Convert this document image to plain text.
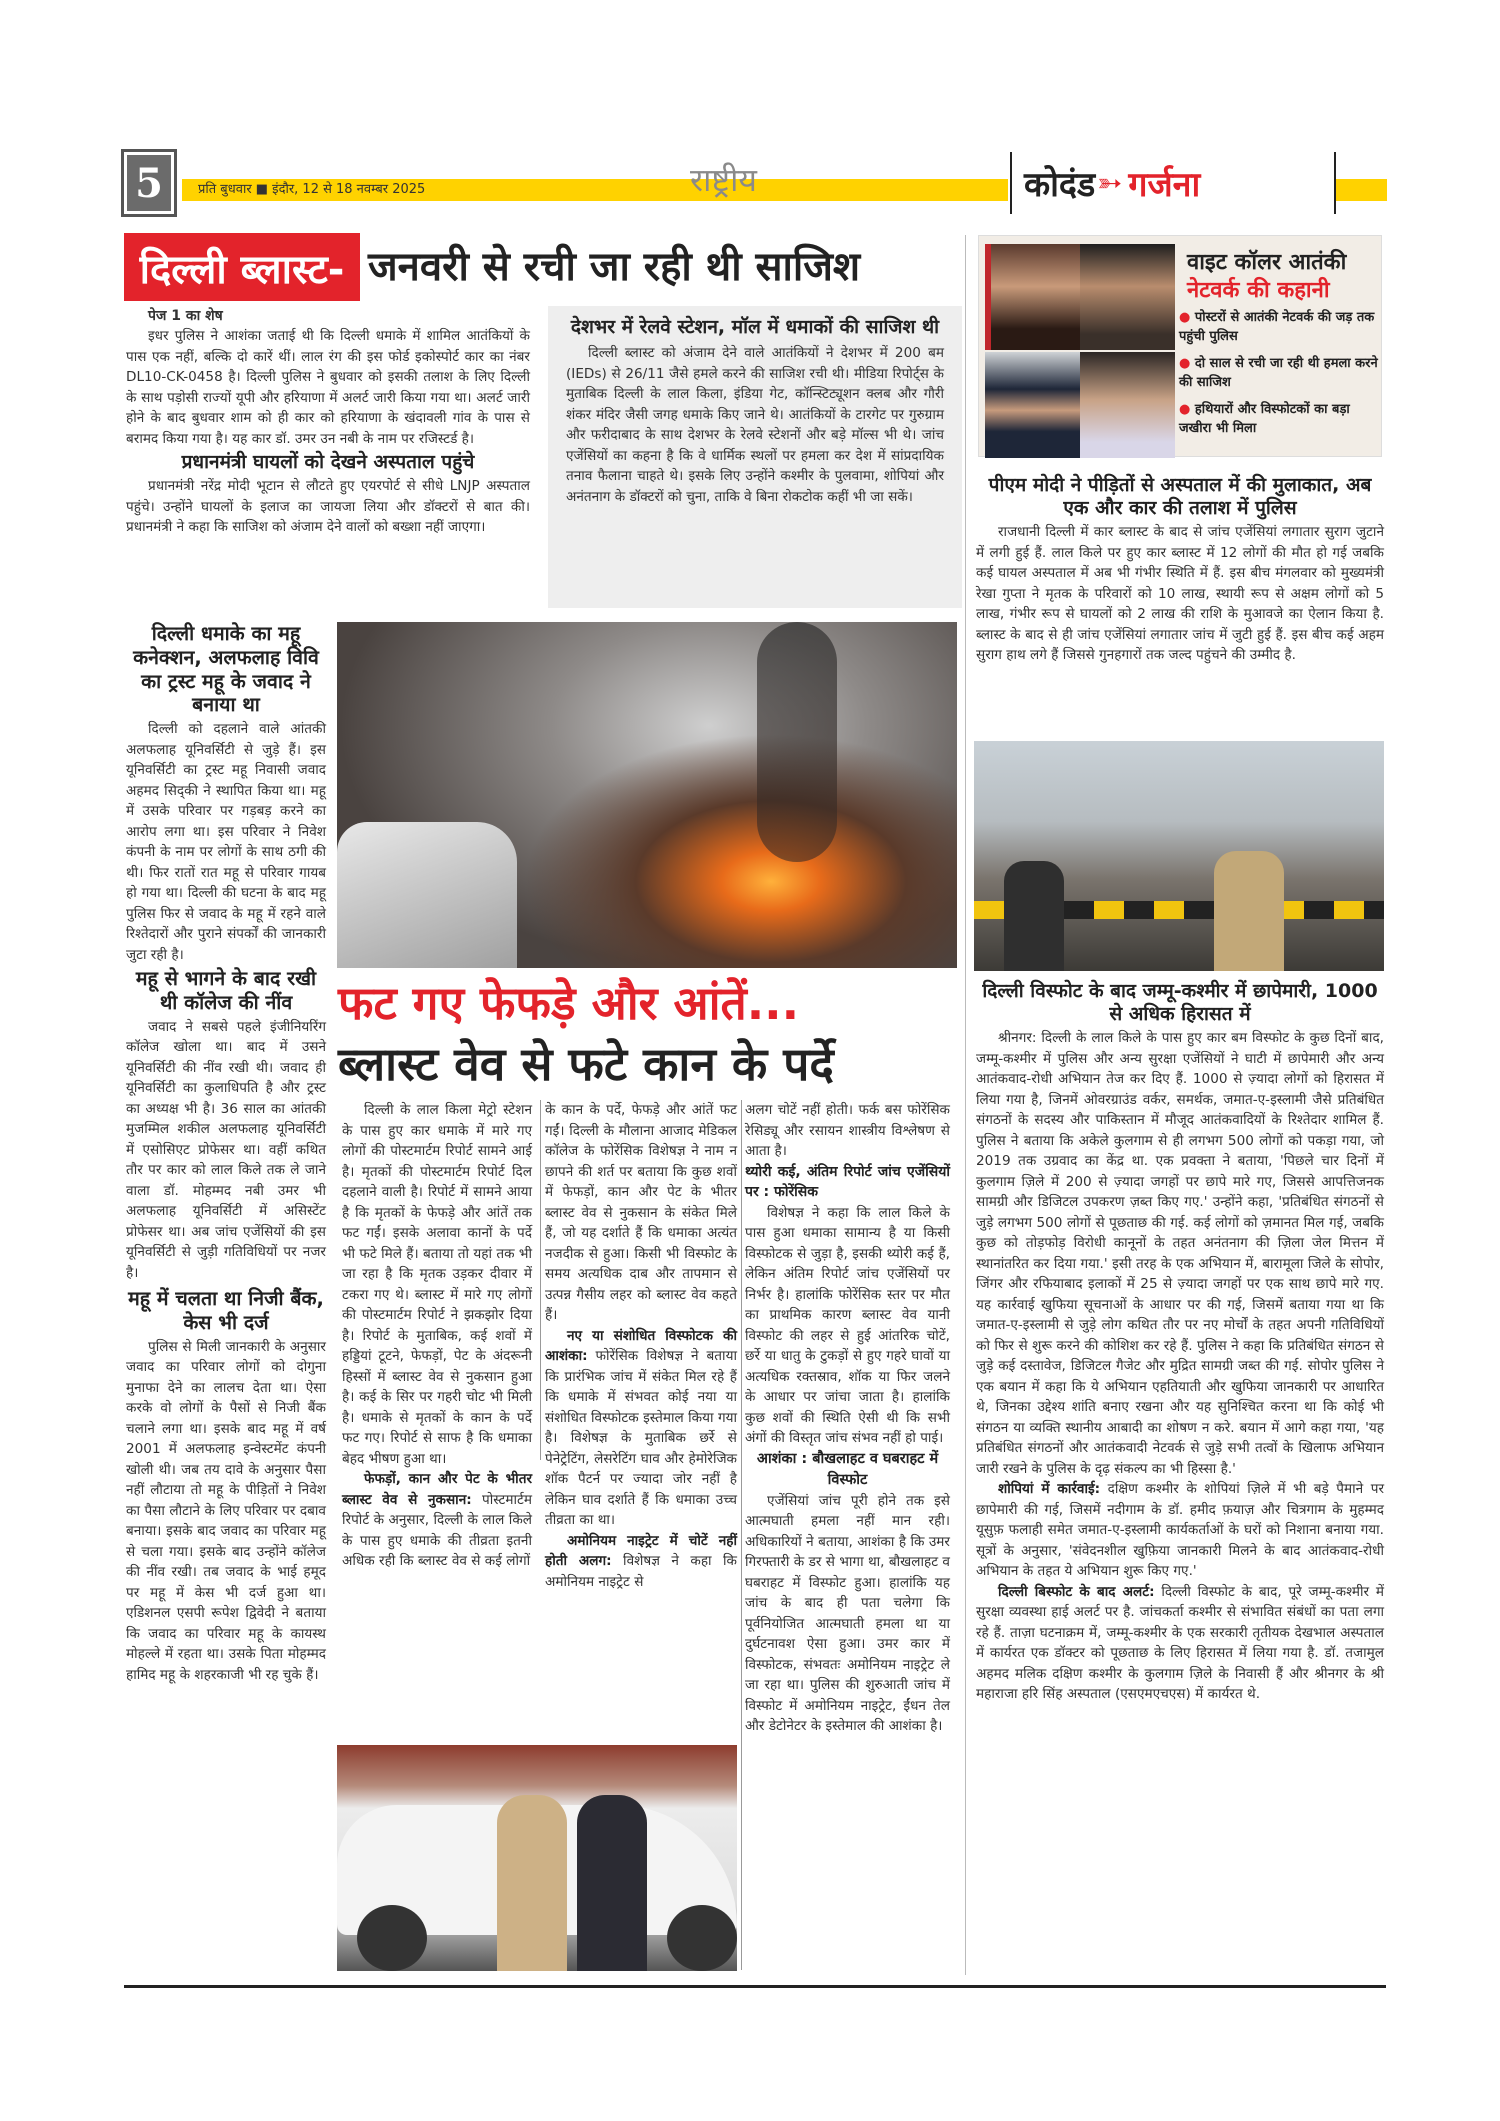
5	प्रति बुधवार ■ इंदौर, 12 से 18 नवम्बर 2025	राष्ट्रीय	कोदंड ➳ गर्जना
दिल्ली ब्लास्ट- जनवरी से रची जा रही थी साजिश
पेज 1 का शेष

इधर पुलिस ने आशंका जताई थी कि दिल्ली धमाके में शामिल आतंकियों के पास एक नहीं, बल्कि दो कारें थीं। लाल रंग की इस फोर्ड इकोस्पोर्ट कार का नंबर DL10-CK-0458 है। दिल्ली पुलिस ने बुधवार को इसकी तलाश के लिए दिल्ली के साथ पड़ोसी राज्यों यूपी और हरियाणा में अलर्ट जारी किया गया था। अलर्ट जारी होने के बाद बुधवार शाम को ही कार को हरियाणा के खंदावली गांव के पास से बरामद किया गया है। यह कार डॉ. उमर उन नबी के नाम पर रजिस्टर्ड है।

प्रधानमंत्री घायलों को देखने अस्पताल पहुंचे

प्रधानमंत्री नरेंद्र मोदी भूटान से लौटते हुए एयरपोर्ट से सीधे LNJP अस्पताल पहुंचे। उन्होंने घायलों के इलाज का जायजा लिया और डॉक्टरों से बात की। प्रधानमंत्री ने कहा कि साजिश को अंजाम देने वालों को बख्शा नहीं जाएगा।

दिल्ली धमाके का महू कनेक्शन, अलफलाह विवि का ट्रस्ट महू के जवाद ने बनाया था

दिल्ली को दहलाने वाले आंतकी अलफलाह यूनिवर्सिटी से जुड़े हैं। इस यूनिवर्सिटी का ट्रस्ट महू निवासी जवाद अहमद सिद्की ने स्थापित किया था। महू में उसके परिवार पर गड़बड़ करने का आरोप लगा था। इस परिवार ने निवेश कंपनी के नाम पर लोगों के साथ ठगी की थी। फिर रातों रात महू से परिवार गायब हो गया था। दिल्ली की घटना के बाद महू पुलिस फिर से जवाद के महू में रहने वाले रिश्तेदारों और पुराने संपर्कों की जानकारी जुटा रही है।

महू से भागने के बाद रखी थी कॉलेज की नींव

जवाद ने सबसे पहले इंजीनियरिंग कॉलेज खोला था। बाद में उसने यूनिवर्सिटी की नींव रखी थी। जवाद ही यूनिवर्सिटी का कुलाधिपति है और ट्रस्ट का अध्यक्ष भी है। 36 साल का आंतकी मुजम्मिल शकील अलफलाह यूनिवर्सिटी में एसोसिएट प्रोफेसर था। वहीं कथित तौर पर कार को लाल किले तक ले जाने वाला डॉ. मोहम्मद नबी उमर भी अलफलाह यूनिवर्सिटी में असिस्टेंट प्रोफेसर था। अब जांच एजेंसियों की इस यूनिवर्सिटी से जुड़ी गतिविधियों पर नजर है।

महू में चलता था निजी बैंक, केस भी दर्ज

पुलिस से मिली जानकारी के अनुसार जवाद का परिवार लोगों को दोगुना मुनाफा देने का लालच देता था। ऐसा करके वो लोगों के पैसों से निजी बैंक चलाने लगा था। इसके बाद महू में वर्ष 2001 में अलफलाह इन्वेस्टमेंट कंपनी खोली थी। जब तय दावे के अनुसार पैसा नहीं लौटाया तो महू के पीड़ितों ने निवेश का पैसा लौटाने के लिए परिवार पर दबाव बनाया। इसके बाद जवाद का परिवार महू से चला गया। इसके बाद उन्होंने कॉलेज की नींव रखी। तब जवाद के भाई हमूद पर महू में केस भी दर्ज हुआ था। एडिशनल एसपी रूपेश द्विवेदी ने बताया कि जवाद का परिवार महू के कायस्थ मोहल्ले में रहता था। उसके पिता मोहम्मद हामिद महू के शहरकाजी भी रह चुके हैं।

देशभर में रेलवे स्टेशन, मॉल में धमाकों की साजिश थी

दिल्ली ब्लास्ट को अंजाम देने वाले आतंकियों ने देशभर में 200 बम (IEDs) से 26/11 जैसे हमले करने की साजिश रची थी। मीडिया रिपोर्ट्स के मुताबिक दिल्ली के लाल किला, इंडिया गेट, कॉन्स्टिट्यूशन क्लब और गौरी शंकर मंदिर जैसी जगह धमाके किए जाने थे। आतंकियों के टारगेट पर गुरुग्राम और फरीदाबाद के साथ देशभर के रेलवे स्टेशनों और बड़े मॉल्स भी थे। जांच एजेंसियों का कहना है कि वे धार्मिक स्थलों पर हमला कर देश में सांप्रदायिक तनाव फैलाना चाहते थे। इसके लिए उन्होंने कश्मीर के पुलवामा, शोपियां और अनंतनाग के डॉक्टरों को चुना, ताकि वे बिना रोकटोक कहीं भी जा सकें।

वाइट कॉलर आतंकी
नेटवर्क की कहानी
● पोस्टरों से आतंकी नेटवर्क की जड़ तक पहुंची पुलिस
● दो साल से रची जा रही थी हमला करने की साजिश
● हथियारों और विस्फोटकों का बड़ा जखीरा भी मिला
पीएम मोदी ने पीड़ितों से अस्पताल में की मुलाकात, अब एक और कार की तलाश में पुलिस

राजधानी दिल्ली में कार ब्लास्ट के बाद से जांच एजेंसियां लगातार सुराग जुटाने में लगी हुई हैं. लाल किले पर हुए कार ब्लास्ट में 12 लोगों की मौत हो गई जबकि कई घायल अस्पताल में अब भी गंभीर स्थिति में हैं. इस बीच मंगलवार को मुख्यमंत्री रेखा गुप्ता ने मृतक के परिवारों को 10 लाख, स्थायी रूप से अक्षम लोगों को 5 लाख, गंभीर रूप से घायलों को 2 लाख की राशि के मुआवजे का ऐलान किया है. ब्लास्ट के बाद से ही जांच एजेंसियां लगातार जांच में जुटी हुई हैं. इस बीच कई अहम सुराग हाथ लगे हैं जिससे गुनहगारों तक जल्द पहुंचने की उम्मीद है.

फट गए फेफड़े और आंतें...
ब्लास्ट वेव से फटे कान के पर्दे

दिल्ली के लाल किला मेट्रो स्टेशन के पास हुए कार धमाके में मारे गए लोगों की पोस्टमार्टम रिपोर्ट सामने आई है। मृतकों की पोस्टमार्टम रिपोर्ट दिल दहलाने वाली है। रिपोर्ट में सामने आया है कि मृतकों के फेफड़े और आंतें तक फट गईं। इसके अलावा कानों के पर्दे भी फटे मिले हैं। बताया तो यहां तक भी जा रहा है कि मृतक उड़कर दीवार में टकरा गए थे। ब्लास्ट में मारे गए लोगों की पोस्टमार्टम रिपोर्ट ने झकझोर दिया है। रिपोर्ट के मुताबिक, कई शवों में हड्डियां टूटने, फेफड़ों, पेट के अंदरूनी हिस्सों में ब्लास्ट वेव से नुकसान हुआ है। कई के सिर पर गहरी चोट भी मिली है। धमाके से मृतकों के कान के पर्दे फट गए। रिपोर्ट से साफ है कि धमाका बेहद भीषण हुआ था।

फेफड़ों, कान और पेट के भीतर ब्लास्ट वेव से नुकसान: पोस्टमार्टम रिपोर्ट के अनुसार, दिल्ली के लाल किले के पास हुए धमाके की तीव्रता इतनी अधिक रही कि ब्लास्ट वेव से कई लोगों

के कान के पर्दे, फेफड़े और आंतें फट गईं। दिल्ली के मौलाना आजाद मेडिकल कॉलेज के फोरेंसिक विशेषज्ञ ने नाम न छापने की शर्त पर बताया कि कुछ शवों में फेफड़ों, कान और पेट के भीतर ब्लास्ट वेव से नुकसान के संकेत मिले हैं, जो यह दर्शाते हैं कि धमाका अत्यंत नजदीक से हुआ। किसी भी विस्फोट के समय अत्यधिक दाब और तापमान से उत्पन्न गैसीय लहर को ब्लास्ट वेव कहते हैं।

नए या संशोधित विस्फोटक की आशंका: फोरेंसिक विशेषज्ञ ने बताया कि प्रारंभिक जांच में संकेत मिल रहे हैं कि धमाके में संभवत कोई नया या संशोधित विस्फोटक इस्तेमाल किया गया है। विशेषज्ञ के मुताबिक छर्रे से पेनेट्रेटिंग, लेसरेटिंग घाव और हेमोरेजिक शॉक पैटर्न पर ज्यादा जोर नहीं है लेकिन घाव दर्शाते हैं कि धमाका उच्च तीव्रता का था।

अमोनियम नाइट्रेट में चोटें नहीं होती अलग: विशेषज्ञ ने कहा कि अमोनियम नाइट्रेट से

अलग चोटें नहीं होती। फर्क बस फोरेंसिक रेसिड्यू और रसायन शास्त्रीय विश्लेषण से आता है।

थ्योरी कई, अंतिम रिपोर्ट जांच एजेंसियों पर : फोरेंसिक

विशेषज्ञ ने कहा कि लाल किले के पास हुआ धमाका सामान्य है या किसी विस्फोटक से जुड़ा है, इसकी थ्योरी कई हैं, लेकिन अंतिम रिपोर्ट जांच एजेंसियों पर निर्भर है। हालांकि फोरेंसिक स्तर पर मौत का प्राथमिक कारण ब्लास्ट वेव यानी विस्फोट की लहर से हुई आंतरिक चोटें, छर्रे या धातु के टुकड़ों से हुए गहरे घावों या अत्यधिक रक्तस्राव, शॉक या फिर जलने के आधार पर जांचा जाता है। हालांकि कुछ शवों की स्थिति ऐसी थी कि सभी अंगों की विस्तृत जांच संभव नहीं हो पाई।

आशंका : बौखलाहट व घबराहट में विस्फोट

एजेंसियां जांच पूरी होने तक इसे आत्मघाती हमला नहीं मान रही। अधिकारियों ने बताया, आशंका है कि उमर गिरफ्तारी के डर से भागा था, बौखलाहट व घबराहट में विस्फोट हुआ। हालांकि यह जांच के बाद ही पता चलेगा कि पूर्वनियोजित आत्मघाती हमला था या दुर्घटनावश ऐसा हुआ। उमर कार में विस्फोटक, संभवतः अमोनियम नाइट्रेट ले जा रहा था। पुलिस की शुरुआती जांच में विस्फोट में अमोनियम नाइट्रेट, ईंधन तेल और डेटोनेटर के इस्तेमाल की आशंका है।

दिल्ली विस्फोट के बाद जम्मू-कश्मीर में छापेमारी, 1000 से अधिक हिरासत में

श्रीनगर: दिल्ली के लाल किले के पास हुए कार बम विस्फोट के कुछ दिनों बाद, जम्मू-कश्मीर में पुलिस और अन्य सुरक्षा एजेंसियों ने घाटी में छापेमारी और अन्य आतंकवाद-रोधी अभियान तेज कर दिए हैं. 1000 से ज़्यादा लोगों को हिरासत में लिया गया है, जिनमें ओवरग्राउंड वर्कर, समर्थक, जमात-ए-इस्लामी जैसे प्रतिबंधित संगठनों के सदस्य और पाकिस्तान में मौजूद आतंकवादियों के रिश्तेदार शामिल हैं. पुलिस ने बताया कि अकेले कुलगाम से ही लगभग 500 लोगों को पकड़ा गया, जो 2019 तक उग्रवाद का केंद्र था. एक प्रवक्ता ने बताया, 'पिछले चार दिनों में कुलगाम ज़िले में 200 से ज़्यादा जगहों पर छापे मारे गए, जिससे आपत्तिजनक सामग्री और डिजिटल उपकरण ज़ब्त किए गए.' उन्होंने कहा, 'प्रतिबंधित संगठनों से जुड़े लगभग 500 लोगों से पूछताछ की गई. कई लोगों को ज़मानत मिल गई, जबकि कुछ को तोड़फोड़ विरोधी कानूनों के तहत अनंतनाग की ज़िला जेल मित्तन में स्थानांतरित कर दिया गया.' इसी तरह के एक अभियान में, बारामूला जिले के सोपोर, जिंगर और रफियाबाद इलाकों में 25 से ज़्यादा जगहों पर एक साथ छापे मारे गए. यह कार्रवाई खुफिया सूचनाओं के आधार पर की गई, जिसमें बताया गया था कि जमात-ए-इस्लामी से जुड़े लोग कथित तौर पर नए मोर्चों के तहत अपनी गतिविधियों को फिर से शुरू करने की कोशिश कर रहे हैं. पुलिस ने कहा कि प्रतिबंधित संगठन से जुड़े कई दस्तावेज, डिजिटल गैजेट और मुद्रित सामग्री जब्त की गई. सोपोर पुलिस ने एक बयान में कहा कि ये अभियान एहतियाती और खुफिया जानकारी पर आधारित थे, जिनका उद्देश्य शांति बनाए रखना और यह सुनिश्चित करना था कि कोई भी संगठन या व्यक्ति स्थानीय आबादी का शोषण न करे. बयान में आगे कहा गया, 'यह प्रतिबंधित संगठनों और आतंकवादी नेटवर्क से जुड़े सभी तत्वों के खिलाफ अभियान जारी रखने के पुलिस के दृढ़ संकल्प का भी हिस्सा है.'

शोपियां में कार्रवाई: दक्षिण कश्मीर के शोपियां ज़िले में भी बड़े पैमाने पर छापेमारी की गई, जिसमें नदीगाम के डॉ. हमीद फ़याज़ और चित्रगाम के मुहम्मद यूसुफ़ फलाही समेत जमात-ए-इस्लामी कार्यकर्ताओं के घरों को निशाना बनाया गया. सूत्रों के अनुसार, 'संवेदनशील खुफ़िया जानकारी मिलने के बाद आतंकवाद-रोधी अभियान के तहत ये अभियान शुरू किए गए.'

दिल्ली बिस्फोट के बाद अलर्ट: दिल्ली विस्फोट के बाद, पूरे जम्मू-कश्मीर में सुरक्षा व्यवस्था हाई अलर्ट पर है. जांचकर्ता कश्मीर से संभावित संबंधों का पता लगा रहे हैं. ताज़ा घटनाक्रम में, जम्मू-कश्मीर के एक सरकारी तृतीयक देखभाल अस्पताल में कार्यरत एक डॉक्टर को पूछताछ के लिए हिरासत में लिया गया है. डॉ. तजामुल अहमद मलिक दक्षिण कश्मीर के कुलगाम ज़िले के निवासी हैं और श्रीनगर के श्री महाराजा हरि सिंह अस्पताल (एसएमएचएस) में कार्यरत थे.
